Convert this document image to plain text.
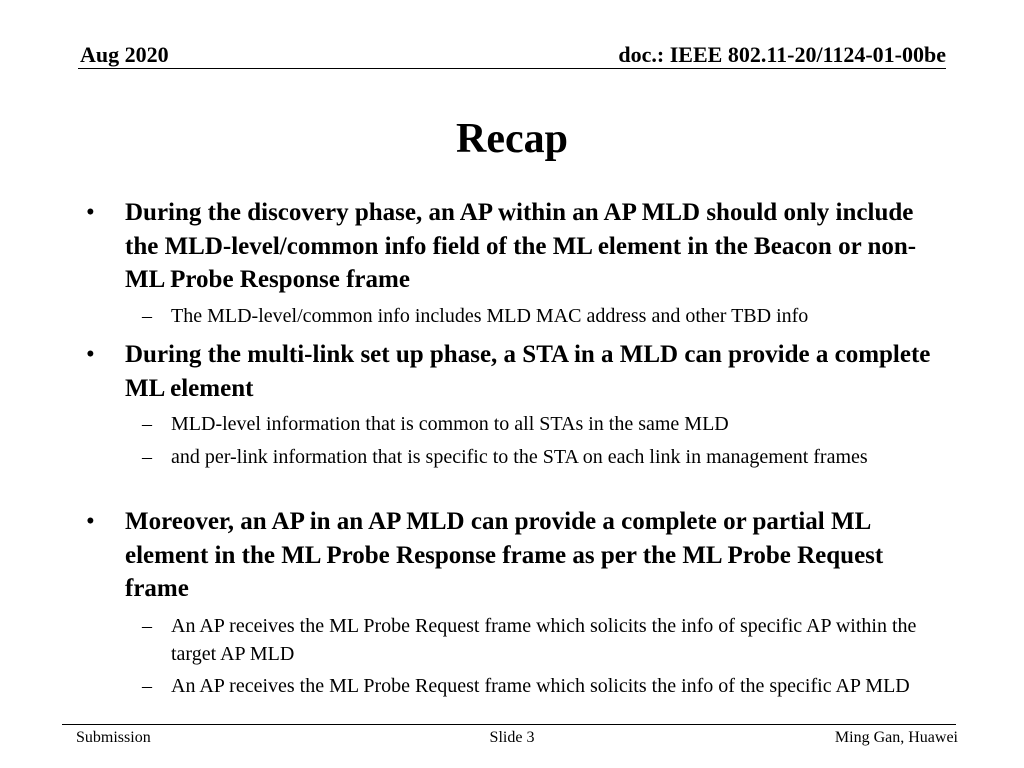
Aug 2020	doc.: IEEE 802.11-20/1124-01-00be
Recap
• During the discovery phase, an AP within an AP MLD should only include the MLD-level/common info field of the ML element in the Beacon or non-ML Probe Response frame
– The MLD-level/common info includes MLD MAC address and other TBD info
• During the multi-link set up phase, a STA in a MLD can provide a complete ML element
– MLD-level information that is common to all STAs in the same MLD
– and per-link information that is specific to the STA on each link in management frames
• Moreover, an AP in an AP MLD can provide a complete or partial ML element in the ML Probe Response frame as per the ML Probe Request frame
– An AP receives the ML Probe Request frame which solicits the info of specific AP within the target AP MLD
– An AP receives the ML Probe Request frame which solicits the info of the specific AP MLD
Submission	Slide 3	Ming Gan, Huawei
